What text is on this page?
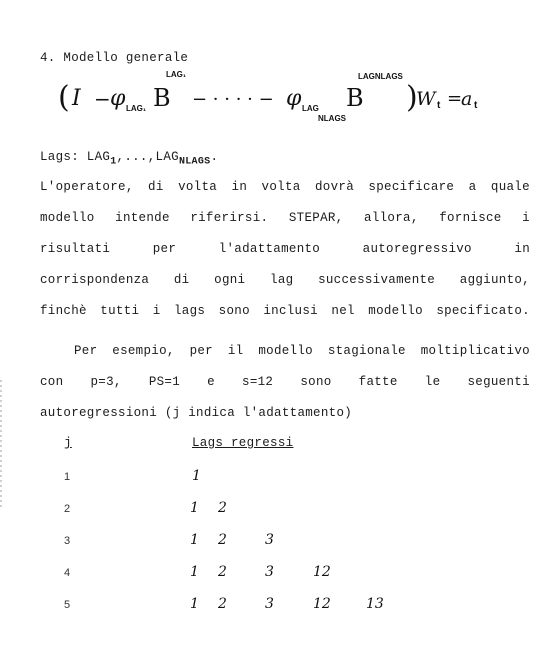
4. Modello generale
( I − φ LAG₁ B
LAG₁
− · · · · − φ LAG
NLAGS
B
LAGNLAGS
)
W t =
a t
Lags: $LAG_1,...,LAG_{NLAGS}$.
L'operatore, di volta in volta dovrà specificare a quale
modello intende riferirsi. STEPAR, allora, fornisce i
risultati	per	l'adattamento	autoregressivo	in
corrispondenza di ogni lag successivamente aggiunto,
finchè tutti i lags sono inclusi nel modello specificato.
Per esempio, per il modello stagionale moltiplicativo
con p=3, PS=1 e s=12 sono fatte le seguenti
autoregressioni (j indica l'adattamento)
j	Lags regressi
1	1
2	1 2
3	1 2	3
4	1 2	3	12
5	1 2	3	12	13
